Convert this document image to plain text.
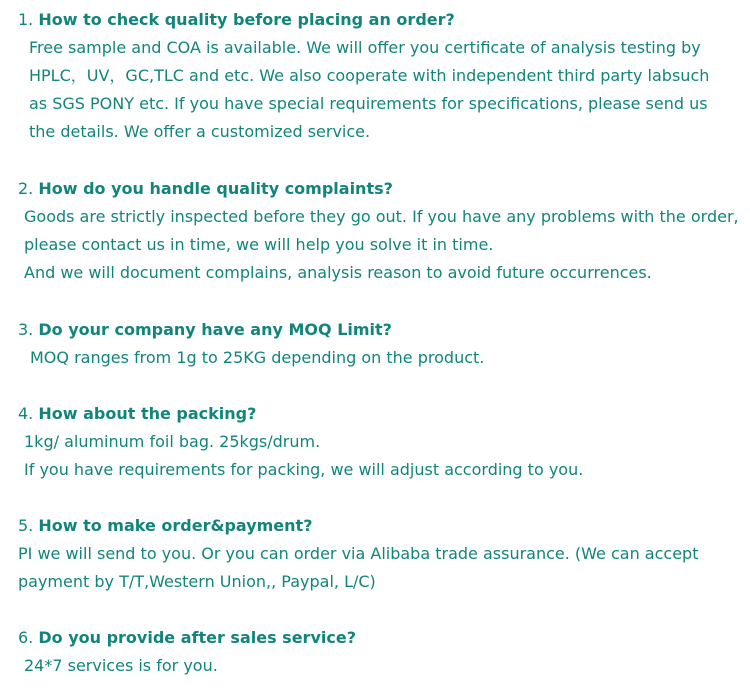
1. How to check quality before placing an order?
Free sample and COA is available. We will offer you certificate of analysis testing by
HPLC，UV，GC,TLC and etc. We also cooperate with independent third party labsuch
as SGS PONY etc. If you have special requirements for specifications, please send us
the details. We offer a customized service.
2. How do you handle quality complaints?
Goods are strictly inspected before they go out. If you have any problems with the order,
please contact us in time, we will help you solve it in time.
And we will document complains, analysis reason to avoid future occurrences.
3. Do your company have any MOQ Limit?
MOQ ranges from 1g to 25KG depending on the product.
4. How about the packing?
1kg/ aluminum foil bag. 25kgs/drum.
If you have requirements for packing, we will adjust according to you.
5. How to make order&payment?
PI we will send to you. Or you can order via Alibaba trade assurance. (We can accept
payment by T/T,Western Union,, Paypal, L/C)
6. Do you provide after sales service?
24*7 services is for you.
